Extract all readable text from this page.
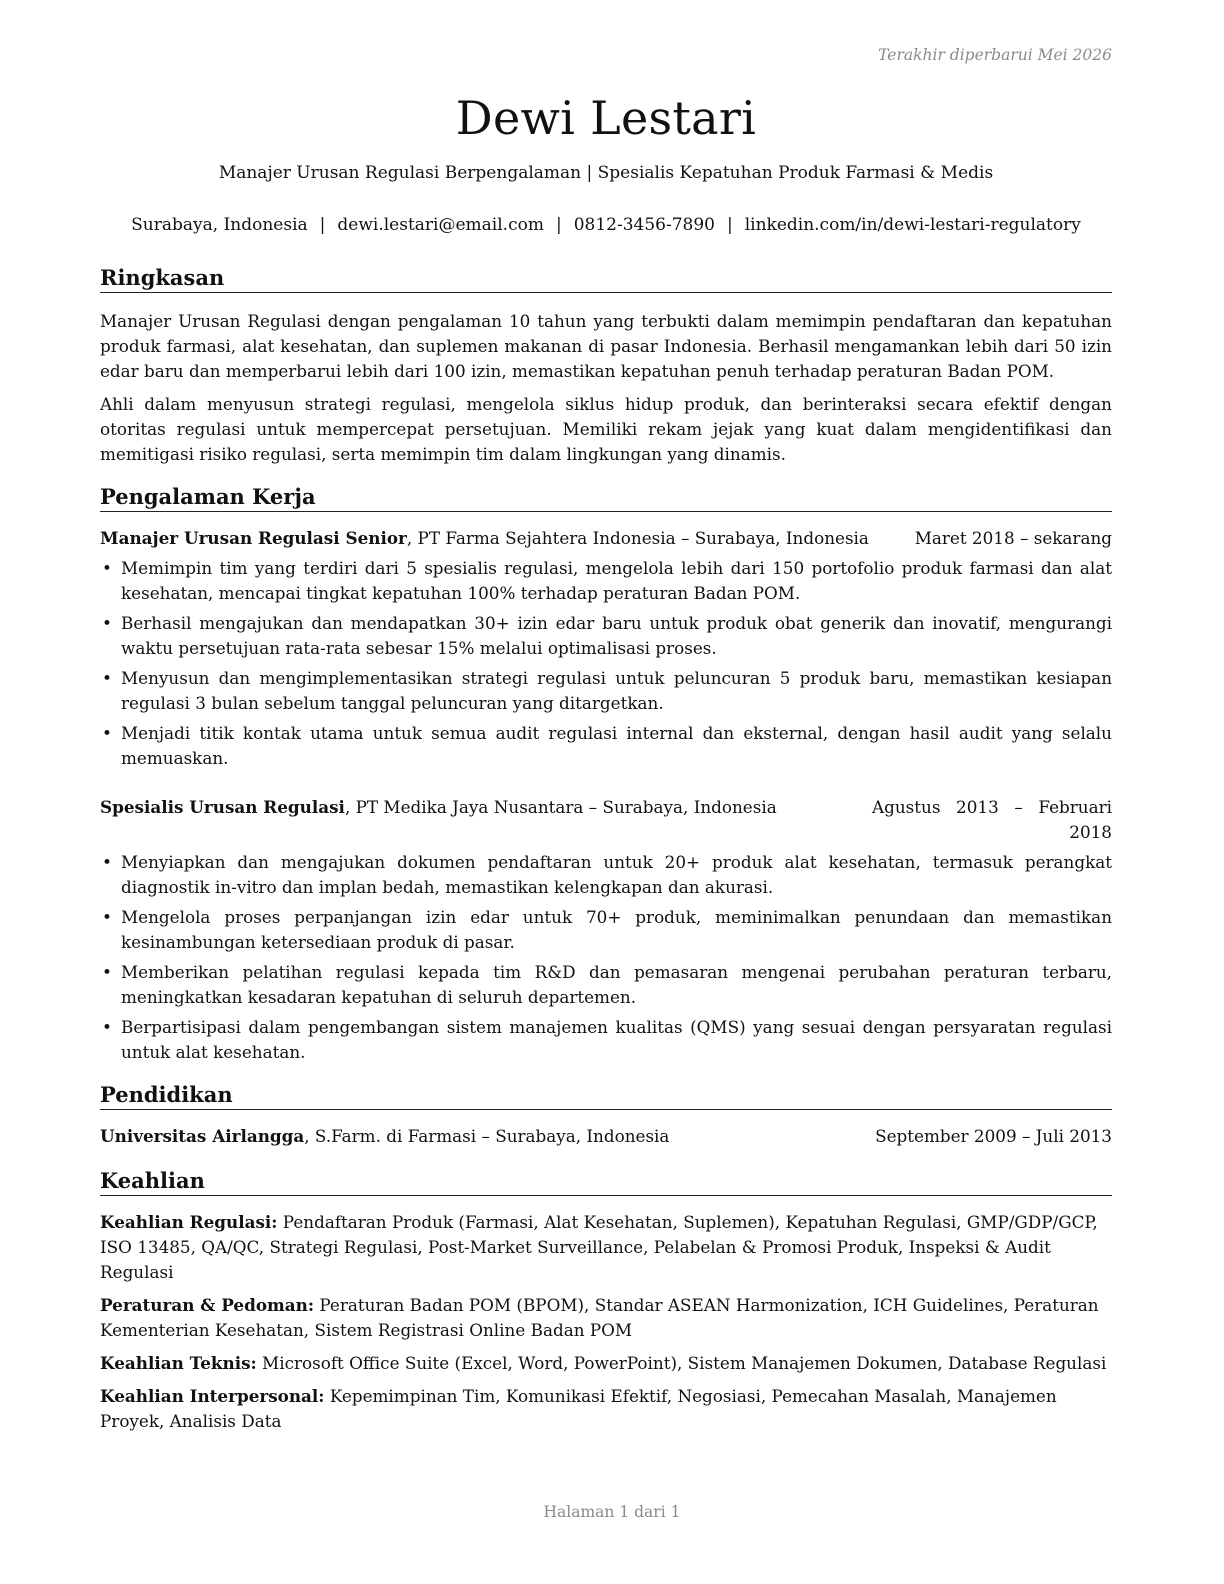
Terakhir diperbarui Mei 2026
Dewi Lestari
Manajer Urusan Regulasi Berpengalaman | Spesialis Kepatuhan Produk Farmasi & Medis
Surabaya, Indonesia | dewi.lestari@email.com | 0812-3456-7890 | linkedin.com/in/dewi-lestari-regulatory
Ringkasan

Manajer Urusan Regulasi dengan pengalaman 10 tahun yang terbukti dalam memimpin pendaftaran dan kepatuhan produk farmasi, alat kesehatan, dan suplemen makanan di pasar Indonesia. Berhasil mengamankan lebih dari 50 izin edar baru dan memperbarui lebih dari 100 izin, memastikan kepatuhan penuh terhadap peraturan Badan POM.

Ahli dalam menyusun strategi regulasi, mengelola siklus hidup produk, dan berinteraksi secara efektif dengan otoritas regulasi untuk mempercepat persetujuan. Memiliki rekam jejak yang kuat dalam mengidentifikasi dan memitigasi risiko regulasi, serta memimpin tim dalam lingkungan yang dinamis.

Pengalaman Kerja
Manajer Urusan Regulasi Senior, PT Farma Sejahtera Indonesia – Surabaya, Indonesia	Maret 2018 – sekarang
• Memimpin tim yang terdiri dari 5 spesialis regulasi, mengelola lebih dari 150 portofolio produk farmasi dan alat kesehatan, mencapai tingkat kepatuhan 100% terhadap peraturan Badan POM.
• Berhasil mengajukan dan mendapatkan 30+ izin edar baru untuk produk obat generik dan inovatif, mengurangi waktu persetujuan rata-rata sebesar 15% melalui optimalisasi proses.
• Menyusun dan mengimplementasikan strategi regulasi untuk peluncuran 5 produk baru, memastikan kesiapan regulasi 3 bulan sebelum tanggal peluncuran yang ditargetkan.
• Menjadi titik kontak utama untuk semua audit regulasi internal dan eksternal, dengan hasil audit yang selalu memuaskan.
Spesialis Urusan Regulasi, PT Medika Jaya Nusantara – Surabaya, Indonesia	Agustus 2013 – Februari 2018
• Menyiapkan dan mengajukan dokumen pendaftaran untuk 20+ produk alat kesehatan, termasuk perangkat diagnostik in-vitro dan implan bedah, memastikan kelengkapan dan akurasi.
• Mengelola proses perpanjangan izin edar untuk 70+ produk, meminimalkan penundaan dan memastikan kesinambungan ketersediaan produk di pasar.
• Memberikan pelatihan regulasi kepada tim R&D dan pemasaran mengenai perubahan peraturan terbaru, meningkatkan kesadaran kepatuhan di seluruh departemen.
• Berpartisipasi dalam pengembangan sistem manajemen kualitas (QMS) yang sesuai dengan persyaratan regulasi untuk alat kesehatan.
Pendidikan
Universitas Airlangga, S.Farm. di Farmasi – Surabaya, Indonesia	September 2009 – Juli 2013
Keahlian
Keahlian Regulasi: Pendaftaran Produk (Farmasi, Alat Kesehatan, Suplemen), Kepatuhan Regulasi, GMP/GDP/GCP, ISO 13485, QA/QC, Strategi Regulasi, Post-Market Surveillance, Pelabelan & Promosi Produk, Inspeksi & Audit Regulasi
Peraturan & Pedoman: Peraturan Badan POM (BPOM), Standar ASEAN Harmonization, ICH Guidelines, Peraturan Kementerian Kesehatan, Sistem Registrasi Online Badan POM
Keahlian Teknis: Microsoft Office Suite (Excel, Word, PowerPoint), Sistem Manajemen Dokumen, Database Regulasi
Keahlian Interpersonal: Kepemimpinan Tim, Komunikasi Efektif, Negosiasi, Pemecahan Masalah, Manajemen Proyek, Analisis Data
Halaman 1 dari 1
